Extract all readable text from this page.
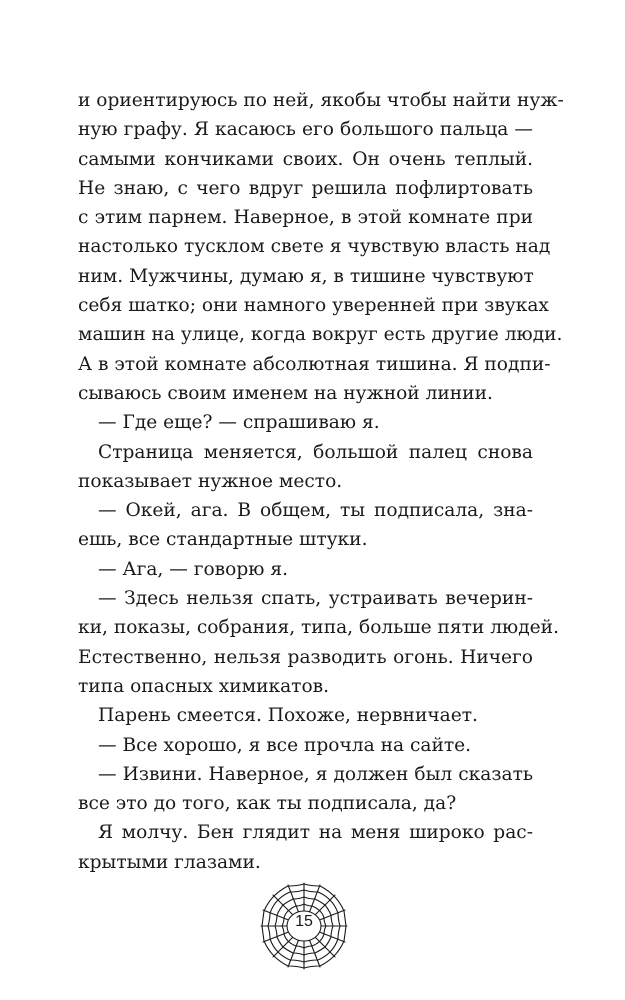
и ориентируюсь по ней, якобы чтобы найти нуж-
ную графу. Я касаюсь его большого пальца —
самыми кончиками своих. Он очень теплый.
Не знаю, с чего вдруг решила пофлиртовать
с этим парнем. Наверное, в этой комнате при
настолько тусклом свете я чувствую власть над
ним. Мужчины, думаю я, в тишине чувствуют
себя шатко; они намного уверенней при звуках
машин на улице, когда вокруг есть другие люди.
А в этой комнате абсолютная тишина. Я подпи-
сываюсь своим именем на нужной линии.
— Где еще? — спрашиваю я.
Страница меняется, большой палец снова
показывает нужное место.
— Окей, ага. В общем, ты подписала, зна-
ешь, все стандартные штуки.
— Ага, — говорю я.
— Здесь нельзя спать, устраивать вечерин-
ки, показы, собрания, типа, больше пяти людей.
Естественно, нельзя разводить огонь. Ничего
типа опасных химикатов.
Парень смеется. Похоже, нервничает.
— Все хорошо, я все прочла на сайте.
— Извини. Наверное, я должен был сказать
все это до того, как ты подписала, да?
Я молчу. Бен глядит на меня широко рас-
крытыми глазами.
15
